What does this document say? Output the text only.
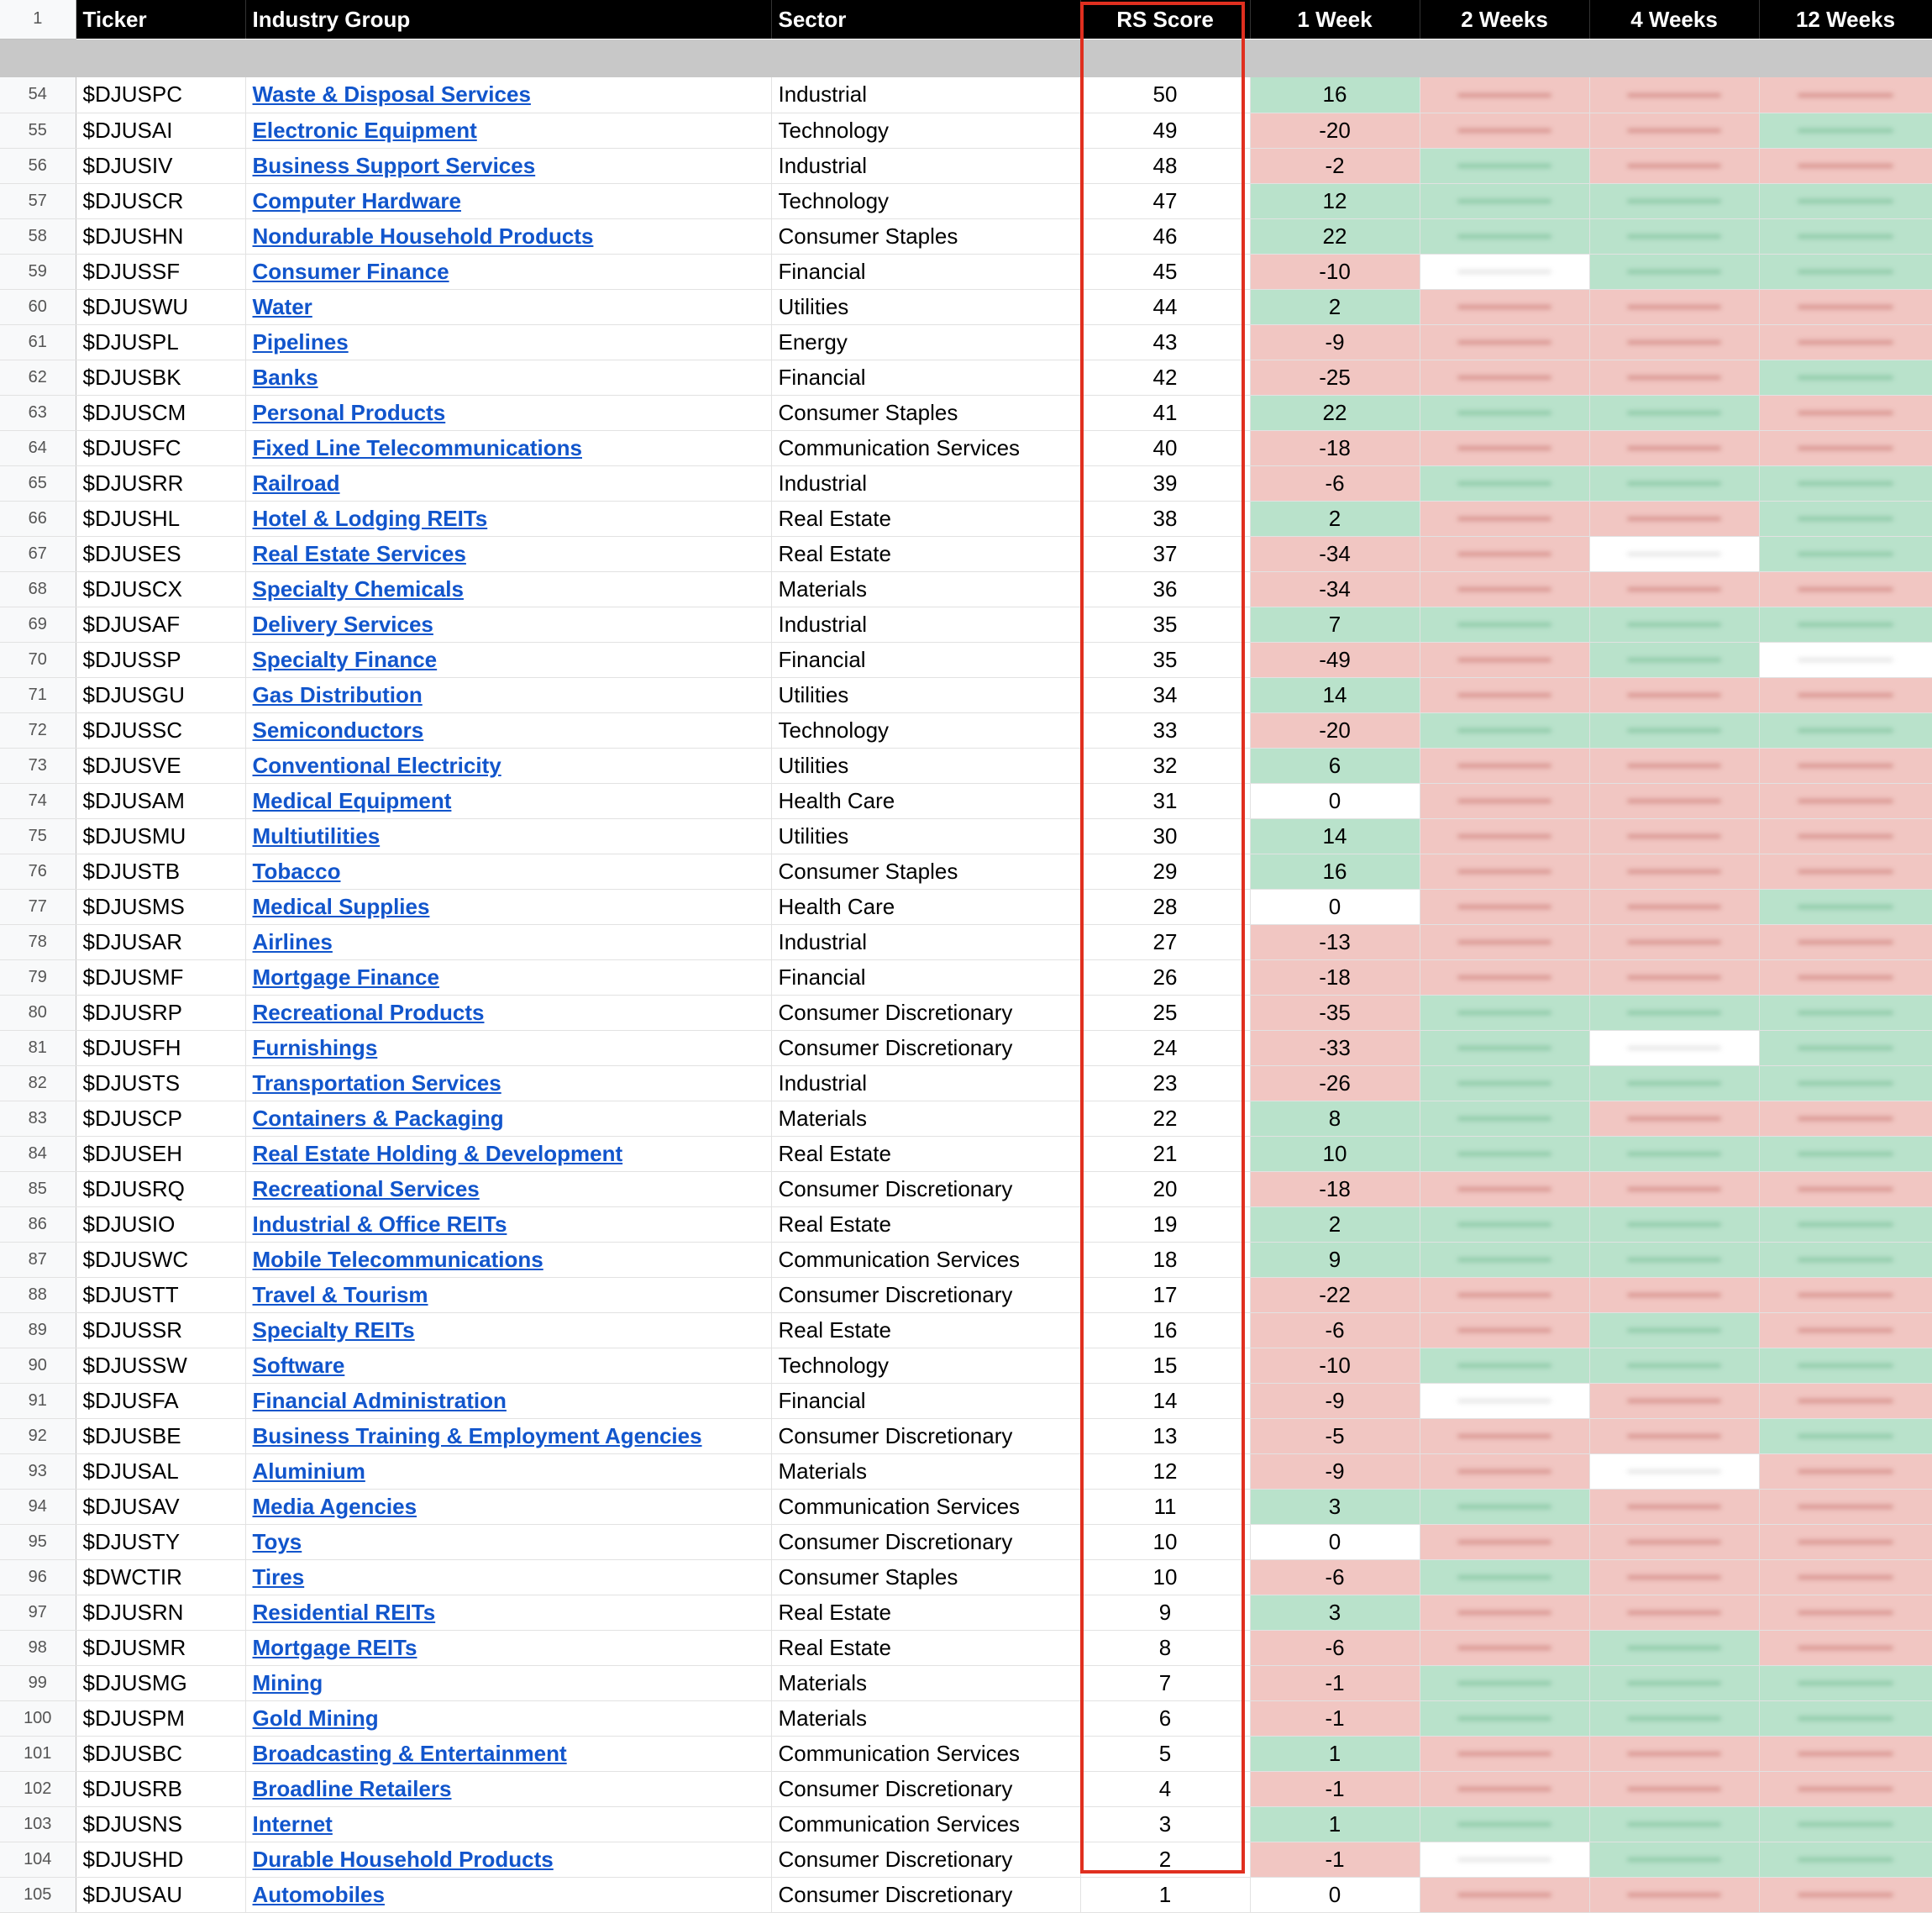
1	Ticker	Industry Group	Sector	RS Score	1 Week	2 Weeks	4 Weeks	12 Weeks

54	$DJUSPC	Waste & Disposal Services	Industrial	50	16	

55	$DJUSAI	Electronic Equipment	Technology	49	-20	

56	$DJUSIV	Business Support Services	Industrial	48	-2	

57	$DJUSCR	Computer Hardware	Technology	47	12	

58	$DJUSHN	Nondurable Household Products	Consumer Staples	46	22	

59	$DJUSSF	Consumer Finance	Financial	45	-10	

60	$DJUSWU	Water	Utilities	44	2	

61	$DJUSPL	Pipelines	Energy	43	-9	

62	$DJUSBK	Banks	Financial	42	-25	

63	$DJUSCM	Personal Products	Consumer Staples	41	22	

64	$DJUSFC	Fixed Line Telecommunications	Communication Services	40	-18	

65	$DJUSRR	Railroad	Industrial	39	-6	

66	$DJUSHL	Hotel & Lodging REITs	Real Estate	38	2	

67	$DJUSES	Real Estate Services	Real Estate	37	-34	

68	$DJUSCX	Specialty Chemicals	Materials	36	-34	

69	$DJUSAF	Delivery Services	Industrial	35	7	

70	$DJUSSP	Specialty Finance	Financial	35	-49	

71	$DJUSGU	Gas Distribution	Utilities	34	14	

72	$DJUSSC	Semiconductors	Technology	33	-20	

73	$DJUSVE	Conventional Electricity	Utilities	32	6	

74	$DJUSAM	Medical Equipment	Health Care	31	0	

75	$DJUSMU	Multiutilities	Utilities	30	14	

76	$DJUSTB	Tobacco	Consumer Staples	29	16	

77	$DJUSMS	Medical Supplies	Health Care	28	0	

78	$DJUSAR	Airlines	Industrial	27	-13	

79	$DJUSMF	Mortgage Finance	Financial	26	-18	

80	$DJUSRP	Recreational Products	Consumer Discretionary	25	-35	

81	$DJUSFH	Furnishings	Consumer Discretionary	24	-33	

82	$DJUSTS	Transportation Services	Industrial	23	-26	

83	$DJUSCP	Containers & Packaging	Materials	22	8	

84	$DJUSEH	Real Estate Holding & Development	Real Estate	21	10	

85	$DJUSRQ	Recreational Services	Consumer Discretionary	20	-18	

86	$DJUSIO	Industrial & Office REITs	Real Estate	19	2	

87	$DJUSWC	Mobile Telecommunications	Communication Services	18	9	

88	$DJUSTT	Travel & Tourism	Consumer Discretionary	17	-22	

89	$DJUSSR	Specialty REITs	Real Estate	16	-6	

90	$DJUSSW	Software	Technology	15	-10	

91	$DJUSFA	Financial Administration	Financial	14	-9	

92	$DJUSBE	Business Training & Employment Agencies	Consumer Discretionary	13	-5	

93	$DJUSAL	Aluminium	Materials	12	-9	

94	$DJUSAV	Media Agencies	Communication Services	11	3	

95	$DJUSTY	Toys	Consumer Discretionary	10	0	

96	$DWCTIR	Tires	Consumer Staples	10	-6	

97	$DJUSRN	Residential REITs	Real Estate	9	3	

98	$DJUSMR	Mortgage REITs	Real Estate	8	-6	

99	$DJUSMG	Mining	Materials	7	-1	

100	$DJUSPM	Gold Mining	Materials	6	-1	

101	$DJUSBC	Broadcasting & Entertainment	Communication Services	5	1	

102	$DJUSRB	Broadline Retailers	Consumer Discretionary	4	-1	

103	$DJUSNS	Internet	Communication Services	3	1	

104	$DJUSHD	Durable Household Products	Consumer Discretionary	2	-1	

105	$DJUSAU	Automobiles	Consumer Discretionary	1	0	
